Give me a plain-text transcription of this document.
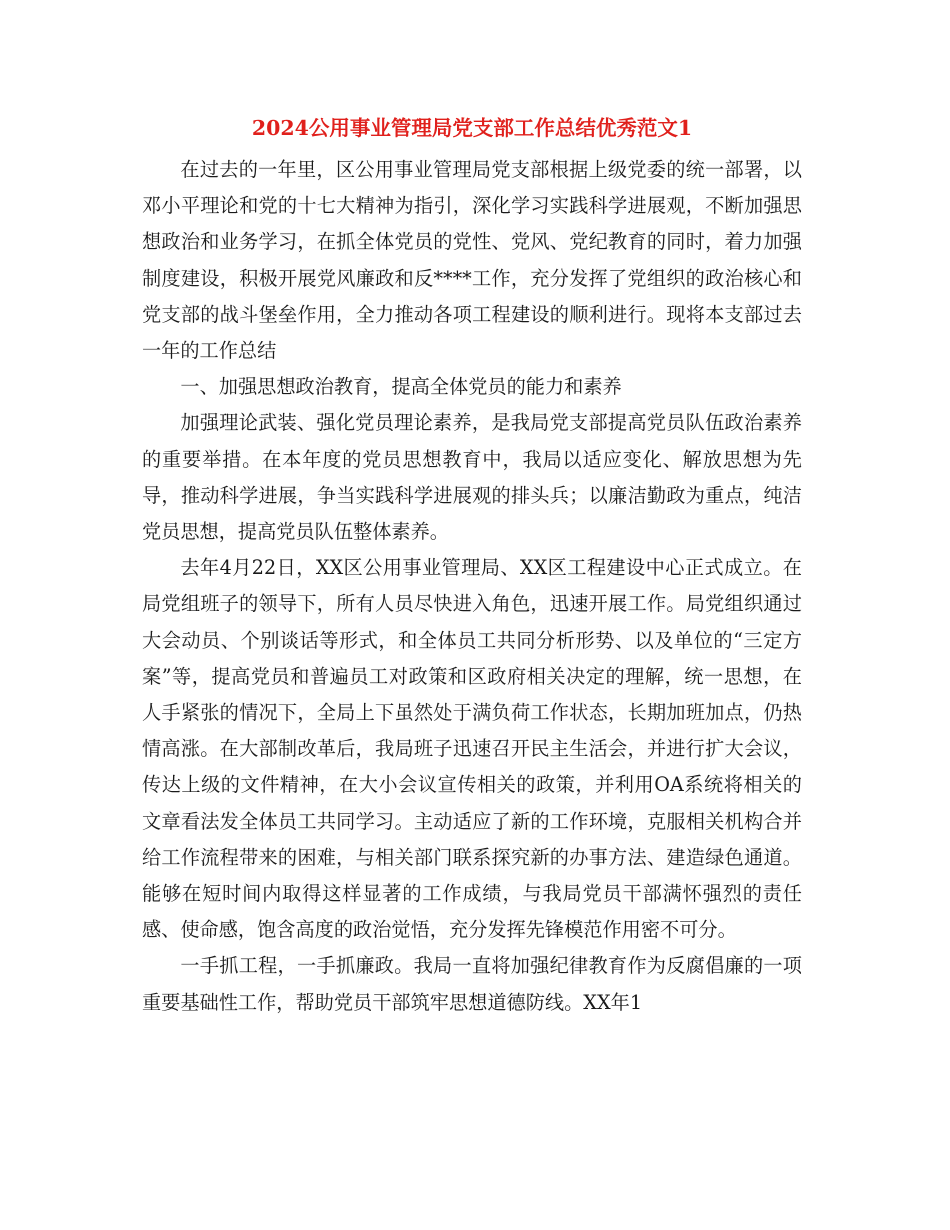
2024公用事业管理局党支部工作总结优秀范文1

在过去的一年里，区公用事业管理局党支部根据上级党委的统一部署，以邓小平理论和党的十七大精神为指引，深化学习实践科学进展观，不断加强思想政治和业务学习，在抓全体党员的党性、党风、党纪教育的同时，着力加强制度建设，积极开展党风廉政和反****工作，充分发挥了党组织的政治核心和党支部的战斗堡垒作用，全力推动各项工程建设的顺利进行。现将本支部过去一年的工作总结

一、加强思想政治教育，提高全体党员的能力和素养

加强理论武装、强化党员理论素养，是我局党支部提高党员队伍政治素养的重要举措。在本年度的党员思想教育中，我局以适应变化、解放思想为先导，推动科学进展，争当实践科学进展观的排头兵；以廉洁勤政为重点，纯洁党员思想，提高党员队伍整体素养。

去年4月22日，XX区公用事业管理局、XX区工程建设中心正式成立。在局党组班子的领导下，所有人员尽快进入角色，迅速开展工作。局党组织通过大会动员、个别谈话等形式，和全体员工共同分析形势、以及单位的“三定方案”等，提高党员和普遍员工对政策和区政府相关决定的理解，统一思想，在人手紧张的情况下，全局上下虽然处于满负荷工作状态，长期加班加点，仍热情高涨。在大部制改革后，我局班子迅速召开民主生活会，并进行扩大会议，传达上级的文件精神，在大小会议宣传相关的政策，并利用OA系统将相关的文章看法发全体员工共同学习。主动适应了新的工作环境，克服相关机构合并给工作流程带来的困难，与相关部门联系探究新的办事方法、建造绿色通道。能够在短时间内取得这样显著的工作成绩，与我局党员干部满怀强烈的责任感、使命感，饱含高度的政治觉悟，充分发挥先锋模范作用密不可分。

一手抓工程，一手抓廉政。我局一直将加强纪律教育作为反腐倡廉的一项重要基础性工作，帮助党员干部筑牢思想道德防线。XX年1
